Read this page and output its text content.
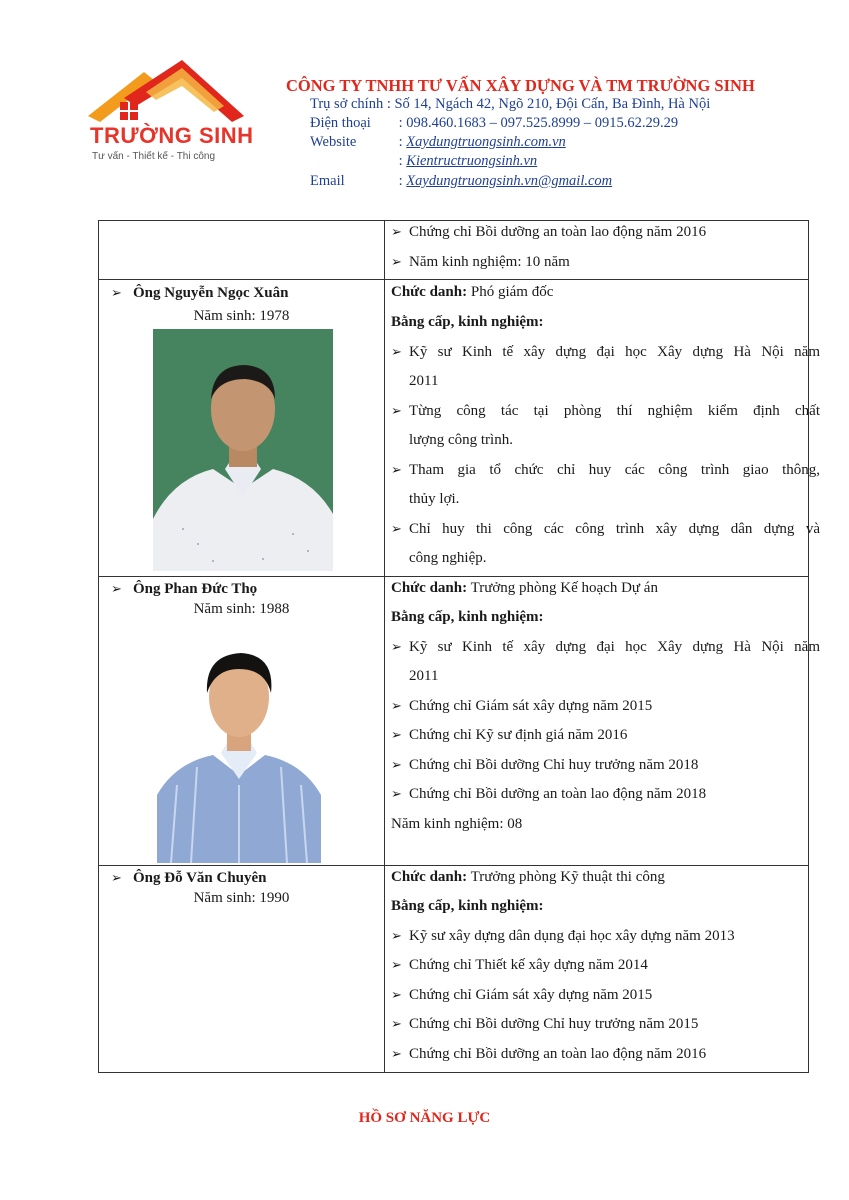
TRƯỜNG SINH
Tư vấn - Thiết kế - Thi công
CÔNG TY TNHH TƯ VẤN XÂY DỰNG VÀ TM TRƯỜNG SINH
Trụ sở chính : Số 14, Ngách 42, Ngõ 210, Đội Cấn, Ba Đình, Hà Nội
Điện thoại : 098.460.1683 – 097.525.8999 – 0915.62.29.29
Website	: Xaydungtruongsinh.com.vn
: Kientructruongsinh.vn
Email	: Xaydungtruongsinh.vn@gmail.com
➢ Chứng chỉ Bồi dưỡng an toàn lao động năm 2016
➢ Năm kinh nghiệm: 10 năm
➢ Ông Nguyễn Ngọc Xuân
Năm sinh: 1978
Chức danh: Phó giám đốc
Bằng cấp, kinh nghiệm:
➢ Kỹ sư Kinh tế xây dựng đại học Xây dựng Hà Nội năm
2011
➢ Từng công tác tại phòng thí nghiệm kiểm định chất
lượng công trình.
➢ Tham gia tổ chức chỉ huy các công trình giao thông,
thủy lợi.
➢ Chỉ huy thi công các công trình xây dựng dân dựng và
công nghiệp.
➢ Ông Phan Đức Thọ
Năm sinh: 1988
Chức danh: Trưởng phòng Kế hoạch Dự án
Bằng cấp, kinh nghiệm:
➢ Kỹ sư Kinh tế xây dựng đại học Xây dựng Hà Nội năm
2011
➢ Chứng chỉ Giám sát xây dựng năm 2015
➢ Chứng chỉ Kỹ sư định giá năm 2016
➢ Chứng chỉ Bồi dưỡng Chỉ huy trưởng năm 2018
➢ Chứng chỉ Bồi dưỡng an toàn lao động năm 2018
Năm kinh nghiệm: 08
➢ Ông Đỗ Văn Chuyên
Năm sinh: 1990
Chức danh: Trưởng phòng Kỹ thuật thi công
Bằng cấp, kinh nghiệm:
➢ Kỹ sư xây dựng dân dụng đại học xây dựng năm 2013
➢ Chứng chỉ Thiết kế xây dựng năm 2014
➢ Chứng chỉ Giám sát xây dựng năm 2015
➢ Chứng chỉ Bồi dưỡng Chỉ huy trưởng năm 2015
➢ Chứng chỉ Bồi dưỡng an toàn lao động năm 2016
HỒ SƠ NĂNG LỰC
